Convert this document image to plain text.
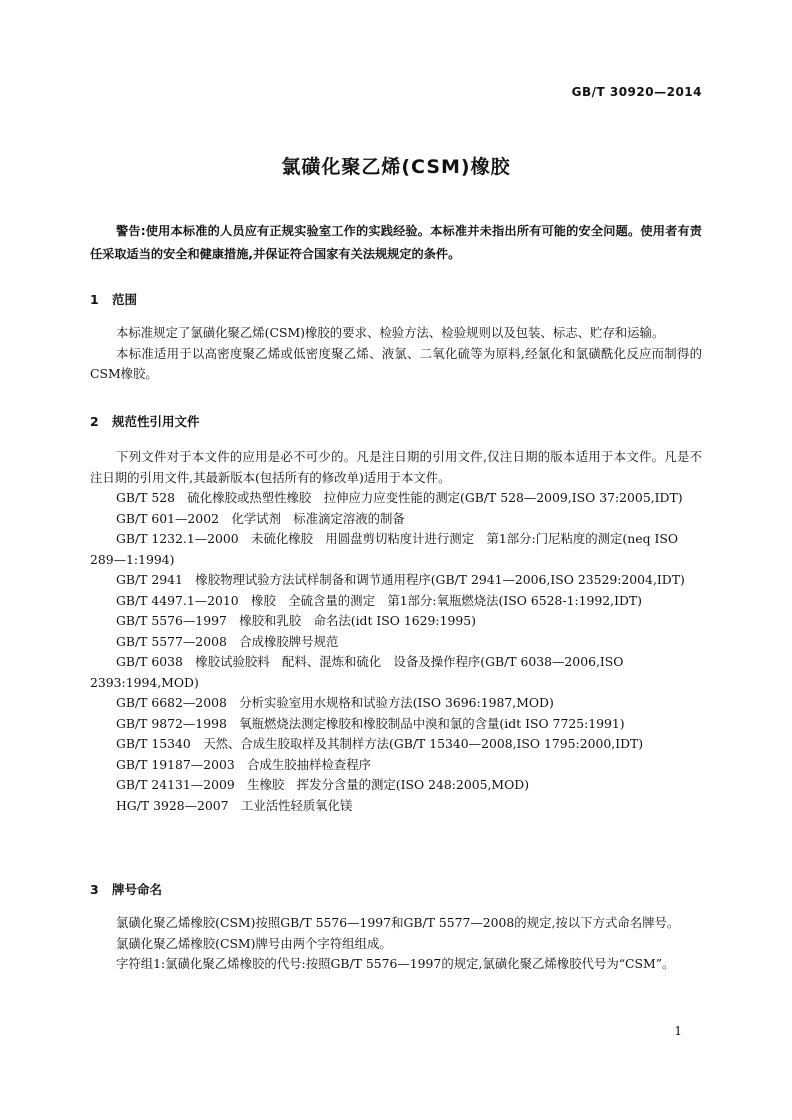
GB/T 30920—2014
氯磺化聚乙烯(CSM)橡胶
警告:使用本标准的人员应有正规实验室工作的实践经验。本标准并未指出所有可能的安全问题。使用者有责任采取适当的安全和健康措施,并保证符合国家有关法规规定的条件。
1 范围

本标准规定了氯磺化聚乙烯(CSM)橡胶的要求、检验方法、检验规则以及包装、标志、贮存和运输。

本标准适用于以高密度聚乙烯或低密度聚乙烯、液氯、二氧化硫等为原料,经氯化和氯磺酰化反应而制得的CSM橡胶。

2 规范性引用文件

下列文件对于本文件的应用是必不可少的。凡是注日期的引用文件,仅注日期的版本适用于本文件。凡是不注日期的引用文件,其最新版本(包括所有的修改单)适用于本文件。

GB/T 528　硫化橡胶或热塑性橡胶　拉伸应力应变性能的测定(GB/T 528—2009,ISO 37:2005,IDT)

GB/T 601—2002　化学试剂　标准滴定溶液的制备

GB/T 1232.1—2000　未硫化橡胶　用圆盘剪切粘度计进行测定　第1部分:门尼粘度的测定(neq ISO 289—1:1994)

GB/T 2941　橡胶物理试验方法试样制备和调节通用程序(GB/T 2941—2006,ISO 23529:2004,IDT)

GB/T 4497.1—2010　橡胶　全硫含量的测定　第1部分:氧瓶燃烧法(ISO 6528-1:1992,IDT)

GB/T 5576—1997　橡胶和乳胶　命名法(idt ISO 1629:1995)

GB/T 5577—2008　合成橡胶牌号规范

GB/T 6038　橡胶试验胶料　配料、混炼和硫化　设备及操作程序(GB/T 6038—2006,ISO 2393:1994,MOD)

GB/T 6682—2008　分析实验室用水规格和试验方法(ISO 3696:1987,MOD)

GB/T 9872—1998　氧瓶燃烧法测定橡胶和橡胶制品中溴和氯的含量(idt ISO 7725:1991)

GB/T 15340　天然、合成生胶取样及其制样方法(GB/T 15340—2008,ISO 1795:2000,IDT)

GB/T 19187—2003　合成生胶抽样检查程序

GB/T 24131—2009　生橡胶　挥发分含量的测定(ISO 248:2005,MOD)

HG/T 3928—2007　工业活性轻质氧化镁

3 牌号命名

氯磺化聚乙烯橡胶(CSM)按照GB/T 5576—1997和GB/T 5577—2008的规定,按以下方式命名牌号。

氯磺化聚乙烯橡胶(CSM)牌号由两个字符组组成。

字符组1:氯磺化聚乙烯橡胶的代号:按照GB/T 5576—1997的规定,氯磺化聚乙烯橡胶代号为“CSM”。

1
